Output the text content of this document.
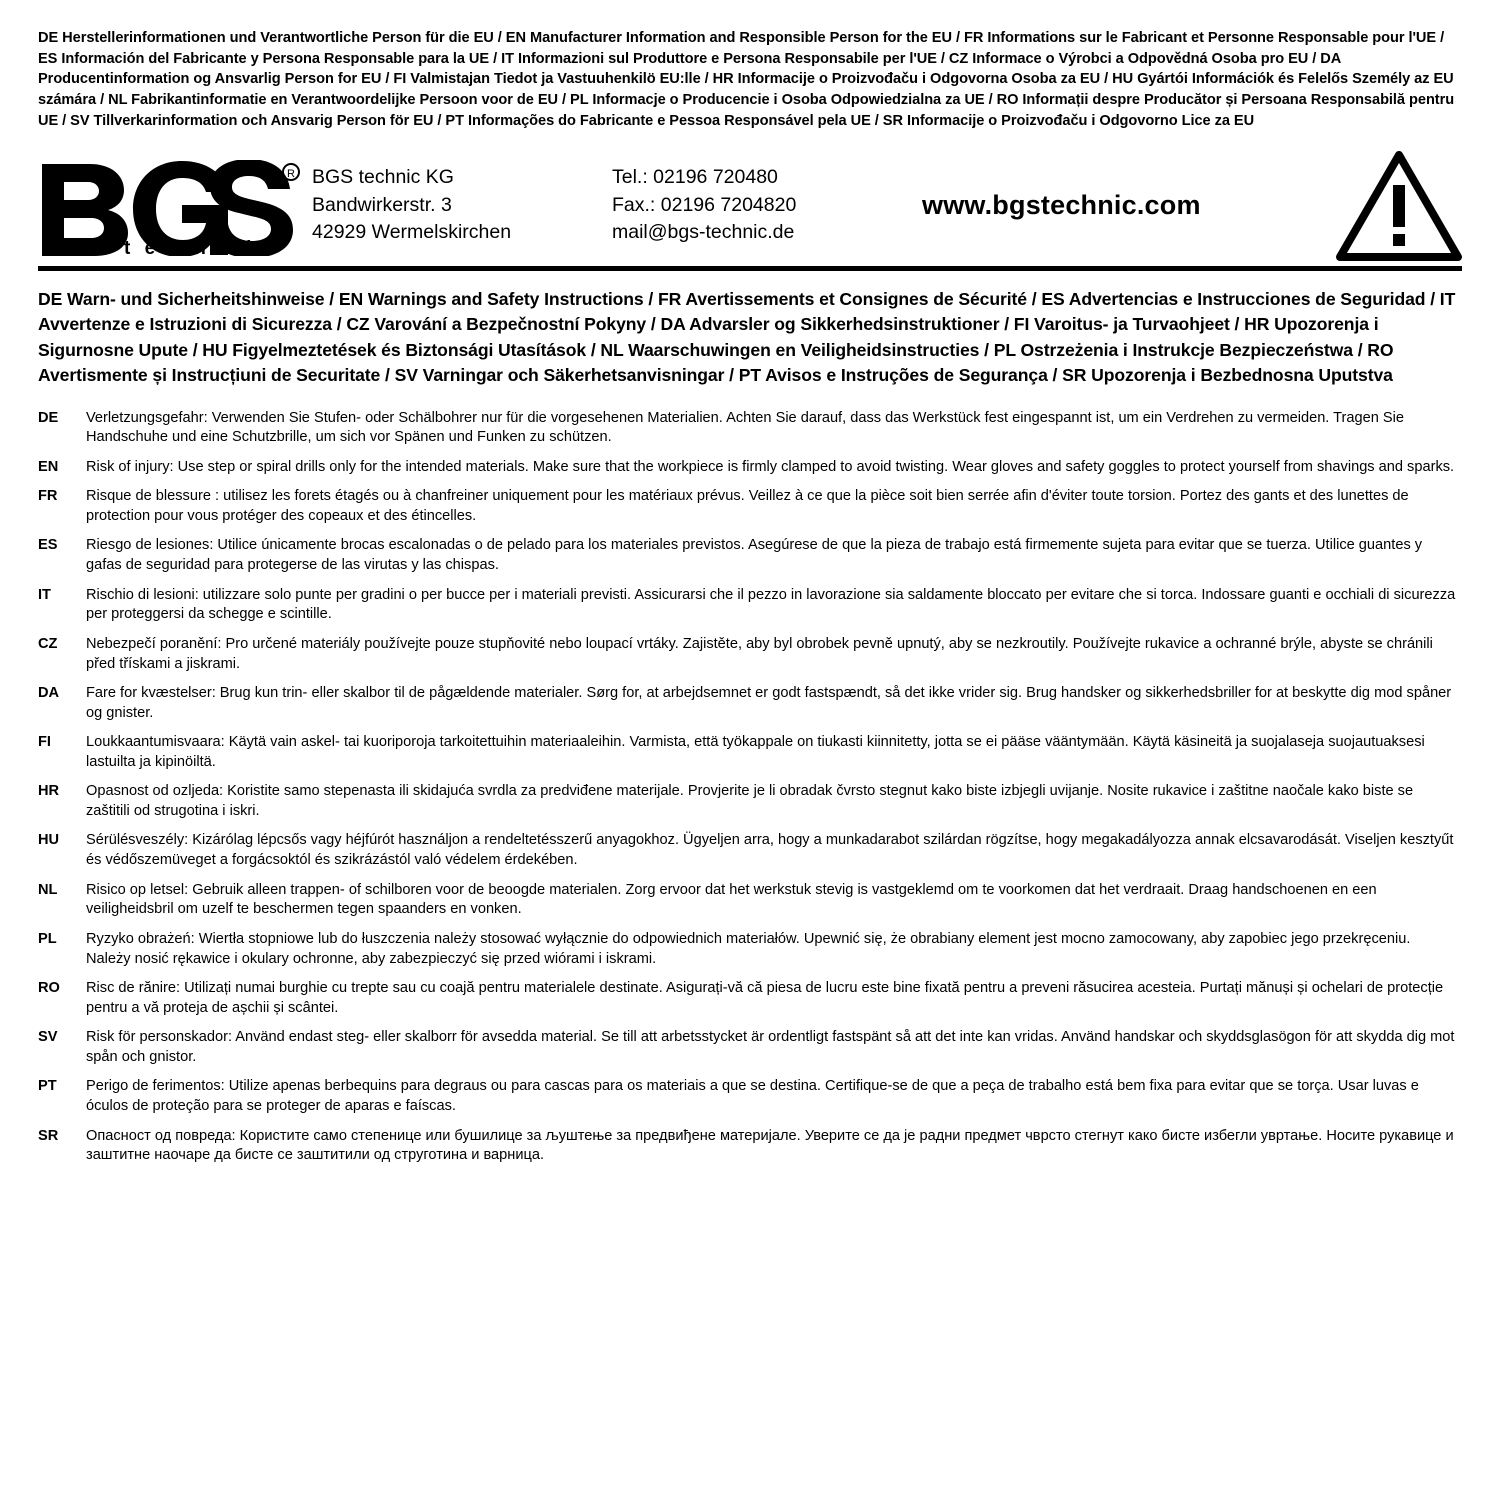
DE Herstellerinformationen und Verantwortliche Person für die EU / EN Manufacturer Information and Responsible Person for the EU / FR Informations sur le Fabricant et Personne Responsable pour l'UE / ES Información del Fabricante y Persona Responsable para la UE / IT Informazioni sul Produttore e Persona Responsabile per l'UE / CZ Informace o Výrobci a Odpovědná Osoba pro EU / DA Producentinformation og Ansvarlig Person for EU / FI Valmistajan Tiedot ja Vastuuhenkilö EU:lle / HR Informacije o Proizvođaču i Odgovorna Osoba za EU / HU Gyártói Információk és Felelős Személy az EU számára / NL Fabrikantinformatie en Verantwoordelijke Persoon voor de EU / PL Informacje o Producencie i Osoba Odpowiedzialna za UE / RO Informații despre Producător și Persoana Responsabilă pentru UE / SV Tillverkarinformation och Ansvarig Person för EU / PT Informações do Fabricante e Pessoa Responsável pela UE / SR Informacije o Proizvođaču i Odgovorno Lice za EU
R
t e c h n i c
BGS technic KG
Bandwirkerstr. 3
42929 Wermelskirchen
Tel.: 02196 720480
Fax.: 02196 7204820
mail@bgs-technic.de
www.bgstechnic.com
DE Warn- und Sicherheitshinweise / EN Warnings and Safety Instructions / FR Avertissements et Consignes de Sécurité / ES Advertencias e Instrucciones de Seguridad / IT Avvertenze e Istruzioni di Sicurezza / CZ Varování a Bezpečnostní Pokyny / DA Advarsler og Sikkerhedsinstruktioner / FI Varoitus- ja Turvaohjeet / HR Upozorenja i Sigurnosne Upute / HU Figyelmeztetések és Biztonsági Utasítások / NL Waarschuwingen en Veiligheidsinstructies / PL Ostrzeżenia i Instrukcje Bezpieczeństwa / RO Avertismente și Instrucțiuni de Securitate / SV Varningar och Säkerhetsanvisningar / PT Avisos e Instruções de Segurança / SR Upozorenja i Bezbednosna Uputstva
DE	Verletzungsgefahr: Verwenden Sie Stufen- oder Schälbohrer nur für die vorgesehenen Materialien. Achten Sie darauf, dass das Werkstück fest eingespannt ist, um ein Verdrehen zu vermeiden. Tragen Sie Handschuhe und eine Schutzbrille, um sich vor Spänen und Funken zu schützen.
EN	Risk of injury: Use step or spiral drills only for the intended materials. Make sure that the workpiece is firmly clamped to avoid twisting. Wear gloves and safety goggles to protect yourself from shavings and sparks.
FR	Risque de blessure : utilisez les forets étagés ou à chanfreiner uniquement pour les matériaux prévus. Veillez à ce que la pièce soit bien serrée afin d'éviter toute torsion. Portez des gants et des lunettes de protection pour vous protéger des copeaux et des étincelles.
ES	Riesgo de lesiones: Utilice únicamente brocas escalonadas o de pelado para los materiales previstos. Asegúrese de que la pieza de trabajo está firmemente sujeta para evitar que se tuerza. Utilice guantes y gafas de seguridad para protegerse de las virutas y las chispas.
IT	Rischio di lesioni: utilizzare solo punte per gradini o per bucce per i materiali previsti. Assicurarsi che il pezzo in lavorazione sia saldamente bloccato per evitare che si torca. Indossare guanti e occhiali di sicurezza per proteggersi da schegge e scintille.
CZ	Nebezpečí poranění: Pro určené materiály používejte pouze stupňovité nebo loupací vrtáky. Zajistěte, aby byl obrobek pevně upnutý, aby se nezkroutily. Používejte rukavice a ochranné brýle, abyste se chránili před třískami a jiskrami.
DA	Fare for kvæstelser: Brug kun trin- eller skalbor til de pågældende materialer. Sørg for, at arbejdsemnet er godt fastspændt, så det ikke vrider sig. Brug handsker og sikkerhedsbriller for at beskytte dig mod spåner og gnister.
FI	Loukkaantumisvaara: Käytä vain askel- tai kuoriporoja tarkoitettuihin materiaaleihin. Varmista, että työkappale on tiukasti kiinnitetty, jotta se ei pääse vääntymään. Käytä käsineitä ja suojalaseja suojautuaksesi lastuilta ja kipinöiltä.
HR	Opasnost od ozljeda: Koristite samo stepenasta ili skidajuća svrdla za predviđene materijale. Provjerite je li obradak čvrsto stegnut kako biste izbjegli uvijanje. Nosite rukavice i zaštitne naočale kako biste se zaštitili od strugotina i iskri.
HU	Sérülésveszély: Kizárólag lépcsős vagy héjfúrót használjon a rendeltetésszerű anyagokhoz. Ügyeljen arra, hogy a munkadarabot szilárdan rögzítse, hogy megakadályozza annak elcsavarodását. Viseljen kesztyűt és védőszemüveget a forgácsoktól és szikrázástól való védelem érdekében.
NL	Risico op letsel: Gebruik alleen trappen- of schilboren voor de beoogde materialen. Zorg ervoor dat het werkstuk stevig is vastgeklemd om te voorkomen dat het verdraait. Draag handschoenen en een veiligheidsbril om uzelf te beschermen tegen spaanders en vonken.
PL	Ryzyko obrażeń: Wiertła stopniowe lub do łuszczenia należy stosować wyłącznie do odpowiednich materiałów. Upewnić się, że obrabiany element jest mocno zamocowany, aby zapobiec jego przekręceniu. Należy nosić rękawice i okulary ochronne, aby zabezpieczyć się przed wiórami i iskrami.
RO	Risc de rănire: Utilizați numai burghie cu trepte sau cu coajă pentru materialele destinate. Asigurați-vă că piesa de lucru este bine fixată pentru a preveni răsucirea acesteia. Purtați mănuși și ochelari de protecție pentru a vă proteja de așchii și scântei.
SV	Risk för personskador: Använd endast steg- eller skalborr för avsedda material. Se till att arbetsstycket är ordentligt fastspänt så att det inte kan vridas. Använd handskar och skyddsglasögon för att skydda dig mot spån och gnistor.
PT	Perigo de ferimentos: Utilize apenas berbequins para degraus ou para cascas para os materiais a que se destina. Certifique-se de que a peça de trabalho está bem fixa para evitar que se torça. Usar luvas e óculos de proteção para se proteger de aparas e faíscas.
SR	Опасност од повреда: Користите само степенице или бушилице за љуштење за предвиђене материјале. Уверите се да је радни предмет чврсто стегнут како бисте избегли увртање. Носите рукавице и заштитне наочаре да бисте се заштитили од струготина и варница.
